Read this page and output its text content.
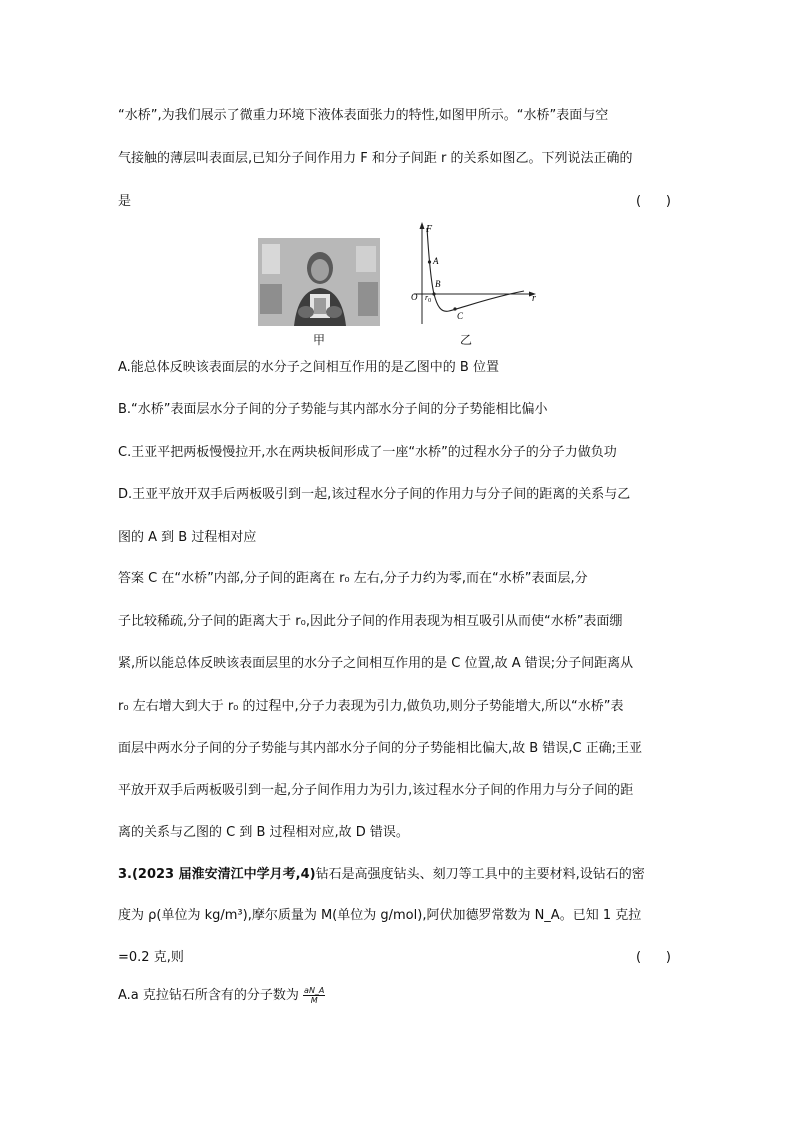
“水桥”,为我们展示了微重力环境下液体表面张力的特性,如图甲所示。“水桥”表面与空
气接触的薄层叫表面层,已知分子间作用力 F 和分子间距 r 的关系如图乙。下列说法正确的
是	(      )
甲
F
A
B
C
O $r_0$	r
乙
A.能总体反映该表面层的水分子之间相互作用的是乙图中的 B 位置
B.“水桥”表面层水分子间的分子势能与其内部水分子间的分子势能相比偏小
C.王亚平把两板慢慢拉开,水在两块板间形成了一座“水桥”的过程水分子的分子力做负功
D.王亚平放开双手后两板吸引到一起,该过程水分子间的作用力与分子间的距离的关系与乙
图的 A 到 B 过程相对应
答案 C 在“水桥”内部,分子间的距离在 r₀ 左右,分子力约为零,而在“水桥”表面层,分
子比较稀疏,分子间的距离大于 r₀,因此分子间的作用表现为相互吸引从而使“水桥”表面绷
紧,所以能总体反映该表面层里的水分子之间相互作用的是 C 位置,故 A 错误;分子间距离从
r₀ 左右增大到大于 r₀ 的过程中,分子力表现为引力,做负功,则分子势能增大,所以“水桥”表
面层中两水分子间的分子势能与其内部水分子间的分子势能相比偏大,故 B 错误,C 正确;王亚
平放开双手后两板吸引到一起,分子间作用力为引力,该过程水分子间的作用力与分子间的距
离的关系与乙图的 C 到 B 过程相对应,故 D 错误。
3.(2023 届淮安清江中学月考,4)钻石是高强度钻头、刻刀等工具中的主要材料,设钻石的密
度为 ρ(单位为 kg/m³),摩尔质量为 M(单位为 g/mol),阿伏加德罗常数为 N_A。已知 1 克拉
=0.2 克,则	(      )
A.a 克拉钻石所含有的分子数为 $\frac{aN\_A}{M}$
